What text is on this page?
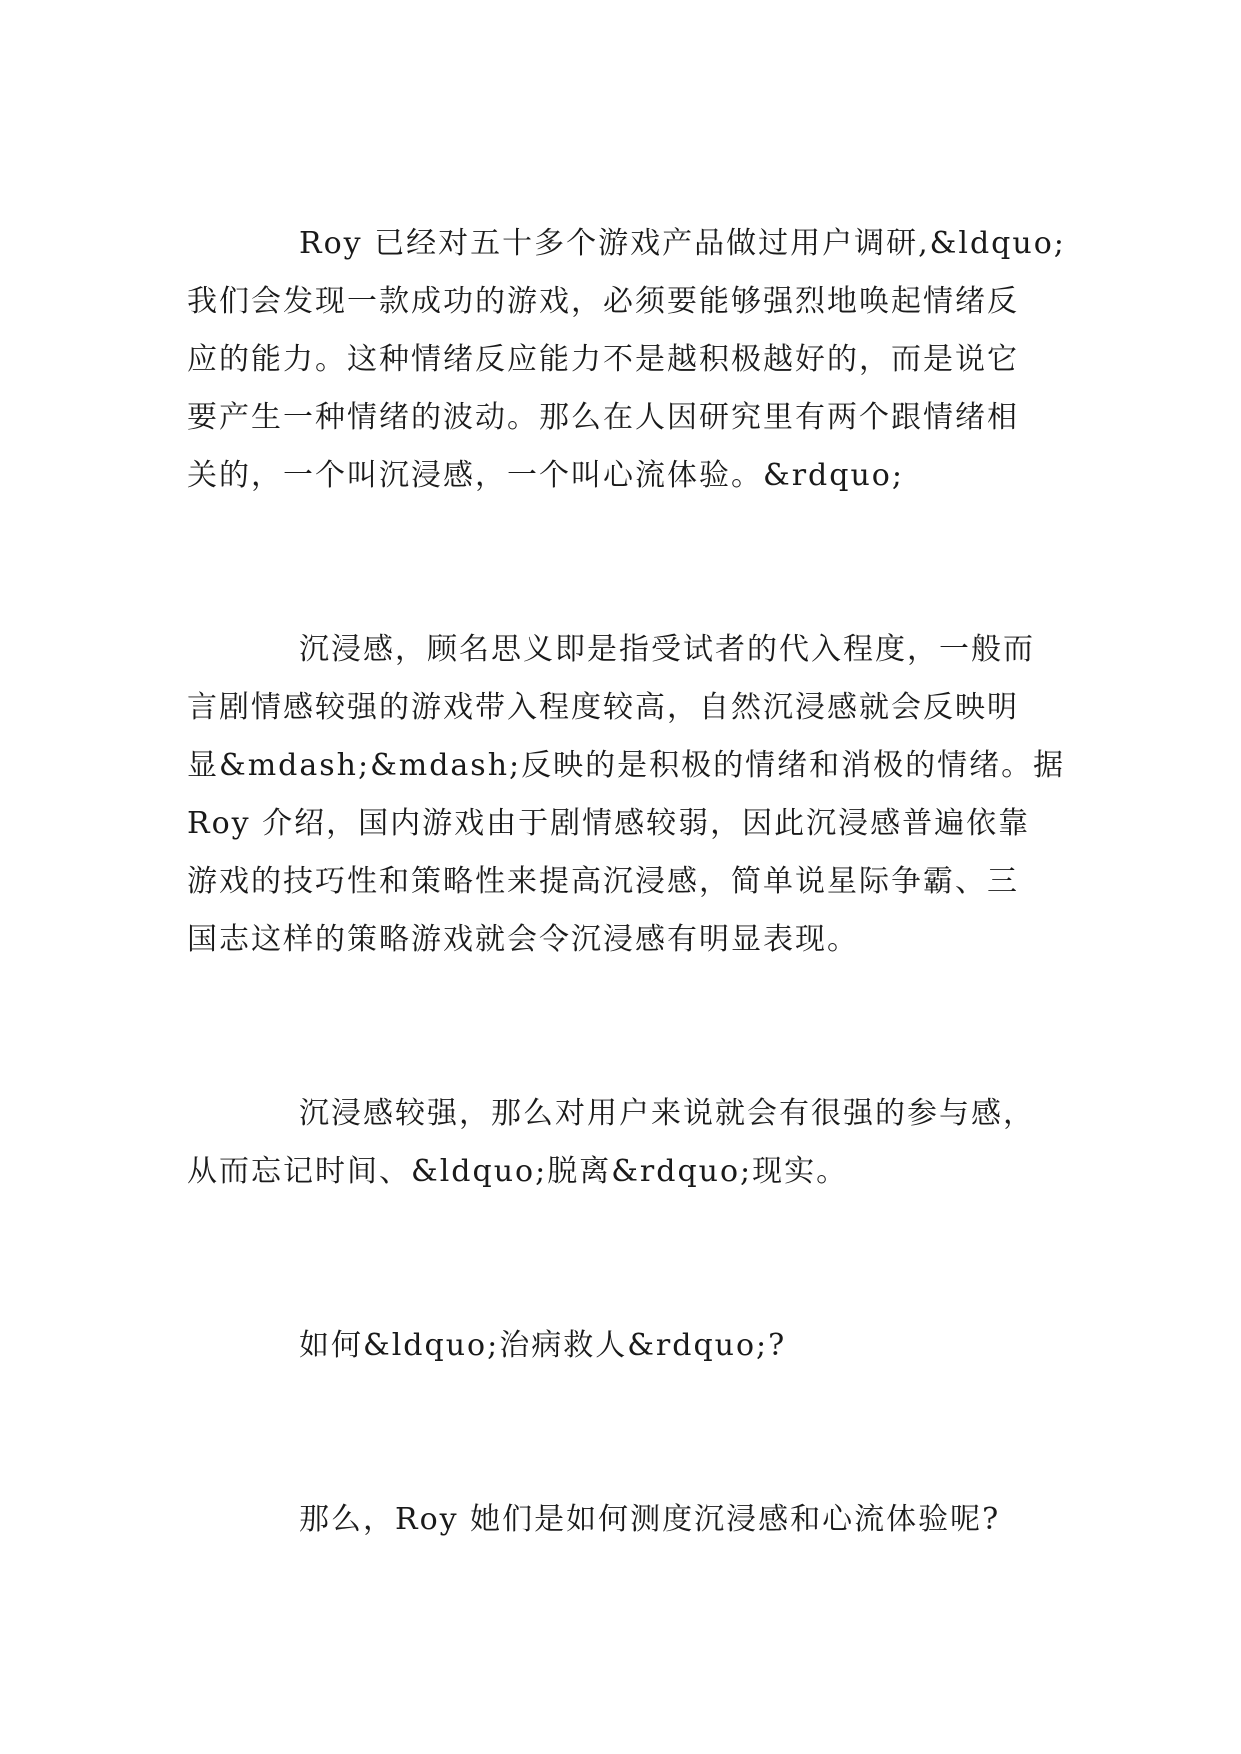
Roy 已经对五十多个游戏产品做过用户调研,&ldquo;
我们会发现一款成功的游戏，必须要能够强烈地唤起情绪反
应的能力。这种情绪反应能力不是越积极越好的，而是说它
要产生一种情绪的波动。那么在人因研究里有两个跟情绪相
关的，一个叫沉浸感，一个叫心流体验。&rdquo;

沉浸感，顾名思义即是指受试者的代入程度，一般而
言剧情感较强的游戏带入程度较高，自然沉浸感就会反映明
显&mdash;&mdash;反映的是积极的情绪和消极的情绪。据
Roy 介绍，国内游戏由于剧情感较弱，因此沉浸感普遍依靠
游戏的技巧性和策略性来提高沉浸感，简单说星际争霸、三
国志这样的策略游戏就会令沉浸感有明显表现。

沉浸感较强，那么对用户来说就会有很强的参与感，
从而忘记时间、&ldquo;脱离&rdquo;现实。

如何&ldquo;治病救人&rdquo;?

那么，Roy 她们是如何测度沉浸感和心流体验呢?
